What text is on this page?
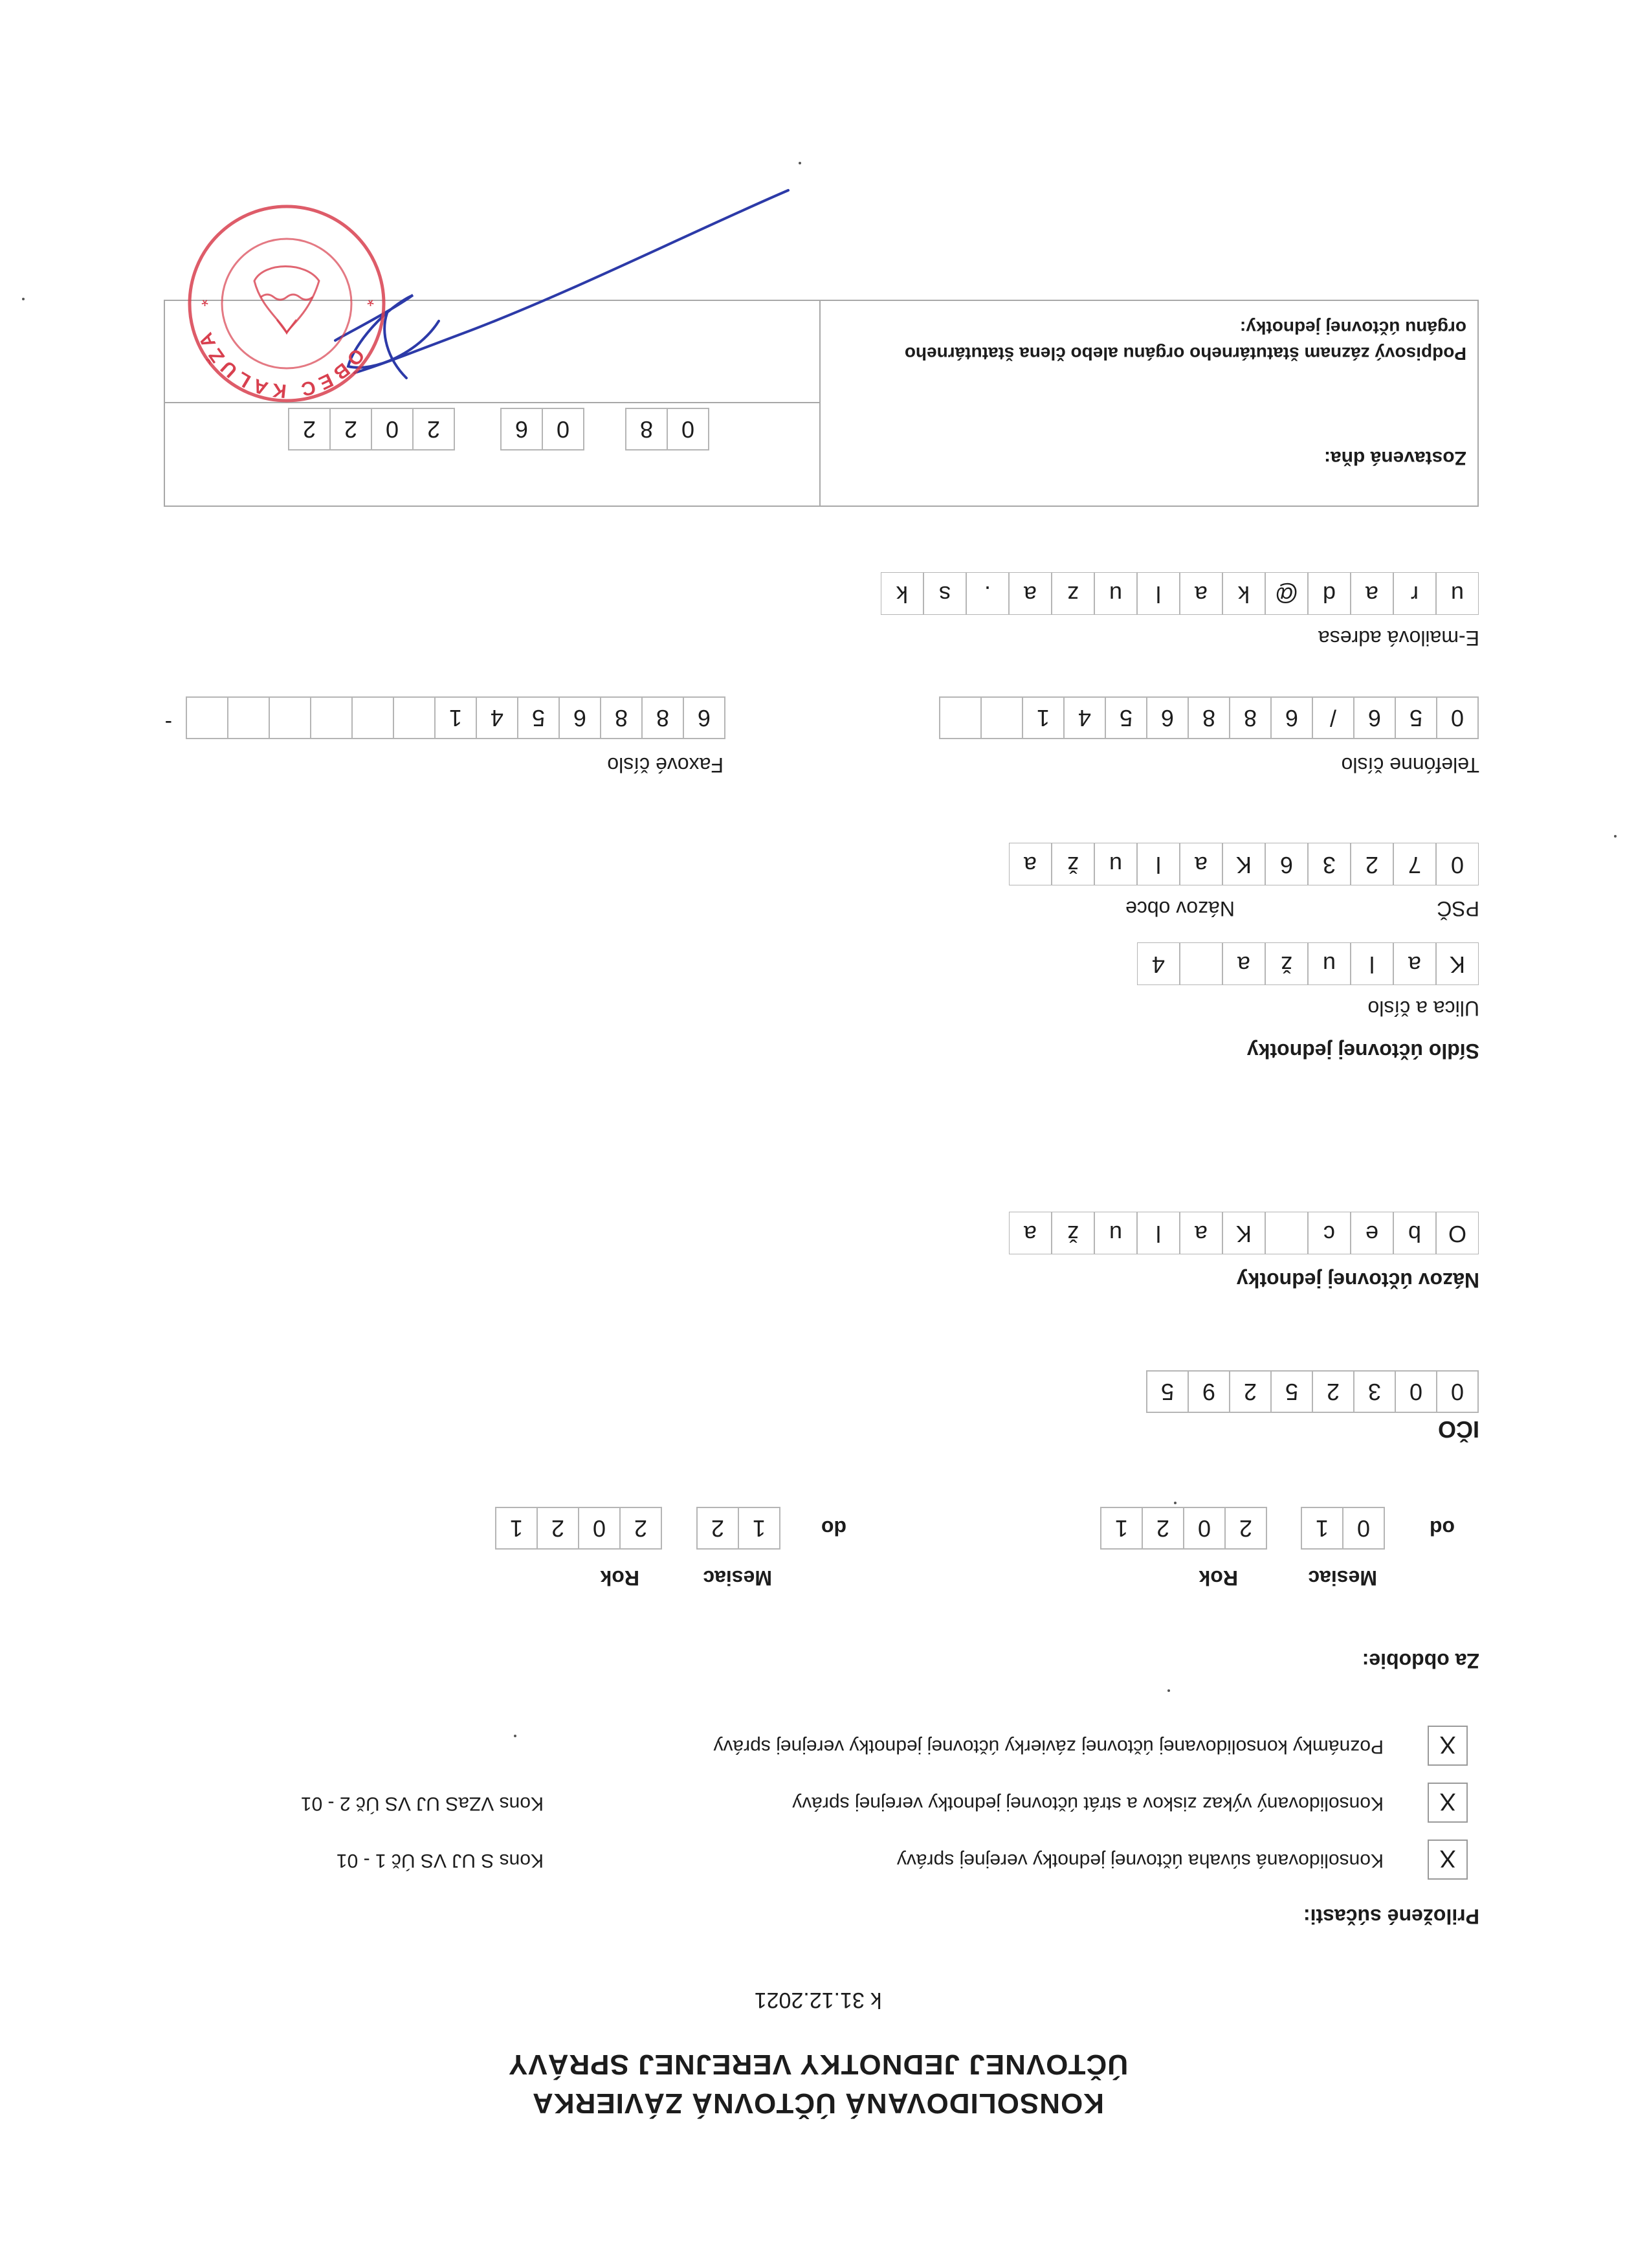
KONSOLIDOVANÁ ÚČTOVNÁ ZÁVIERKA
ÚČTOVNEJ JEDNOTKY VEREJNEJ SPRÁVY
k 31.12.2021
Priložené súčasti:
X
Konsolidovaná súvaha účtovnej jednotky verejnej správy
Kons S UJ VS Úč 1 - 01
X
Konsolidovaný výkaz ziskov a strát účtovnej jednotky verejnej správy
Kons VZaS UJ VS Úč 2 - 01
X
Poznámky konsolidovanej účtovnej závierky účtovnej jednotky verejnej správy
Za obdobie:
Mesiac
Rok
Mesiac
Rok
od
do	0
1
2
0
2
1
1
2
2
0
2
1
IČO
0
0
3
2
5
2
9
5
Názov účtovnej jednotky
O
b
e
c
K
a
l
u
ž
a
Sídlo účtovnej jednotky
Ulica a číslo
K
a
l
u
ž
a
4
PSČ
Názov obce
0
7
2
3
6
K
a
l
u
ž
a
Telefónne číslo
Faxové číslo
0
5
6
/
6
8
8
6
5
4
1
6
8
8
6
5
4
1
-
E-mailová adresa
u
r
a
d
@
k
a
l
u
z
a
.
s
k
Zostavená dňa:
0
8
0
6
2
0
2
2
Podpisový záznam štatutárneho orgánu alebo člena štatutárneho orgánu účtovnej jednotky:
OBEC KALUŽA
*
*
